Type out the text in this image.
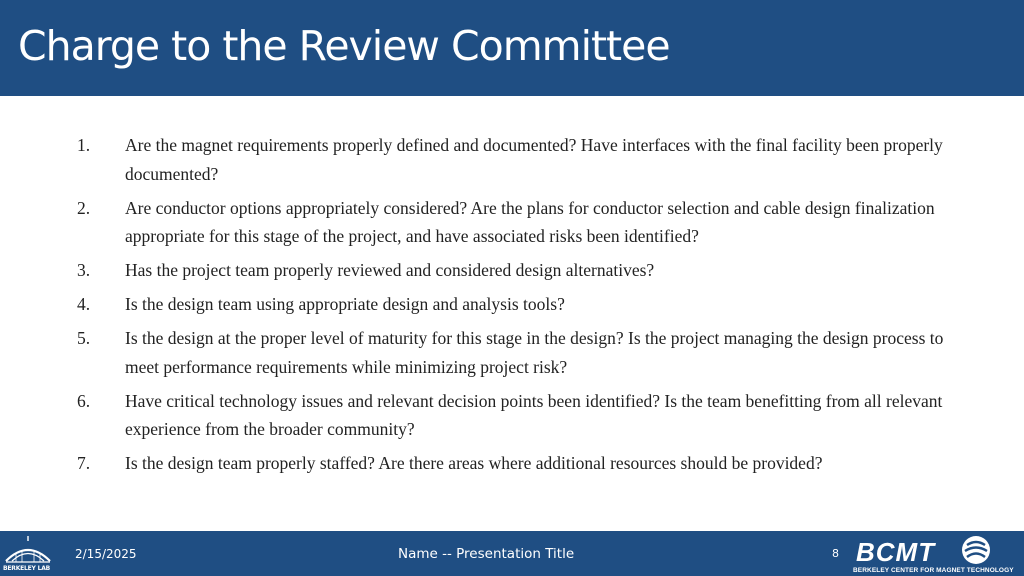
Charge to the Review Committee
1.	Are the magnet requirements properly defined and documented? Have interfaces with the final facility been properly documented?
2.	Are conductor options appropriately considered? Are the plans for conductor selection and cable design finalization appropriate for this stage of the project, and have associated risks been identified?
3.	Has the project team properly reviewed and considered design alternatives?
4.	Is the design team using appropriate design and analysis tools?
5.	Is the design at the proper level of maturity for this stage in the design? Is the project managing the design process to meet performance requirements while minimizing project risk?
6.	Have critical technology issues and relevant decision points been identified? Is the team benefitting from all relevant experience from the broader community?
7.	Is the design team properly staffed? Are there areas where additional resources should be provided?
BERKELEY LAB
2/15/2025	Name -- Presentation Title	8 BCMT
BERKELEY CENTER FOR MAGNET TECHNOLOGY
